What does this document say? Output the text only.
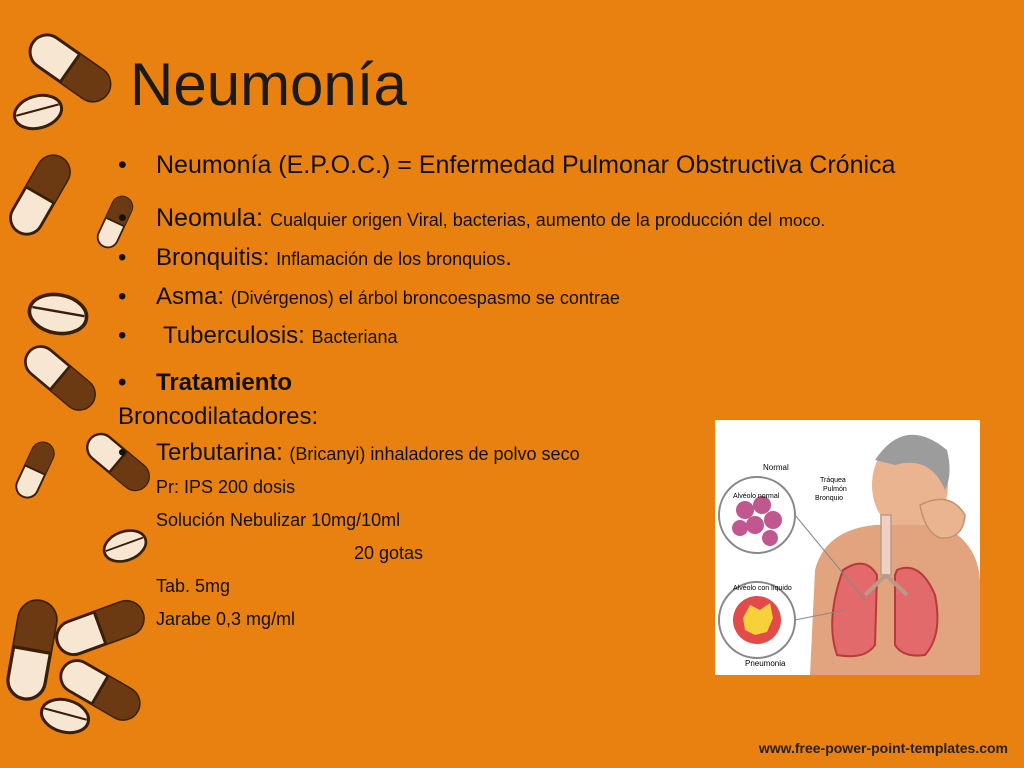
Neumonía

• Neumonía (E.P.O.C.) = Enfermedad Pulmonar Obstructiva Crónica

• Neomula: Cualquier origen Viral, bacterias, aumento de la producción del moco.

• Bronquitis: Inflamación de los bronquios.

• Asma: (Divérgenos) el árbol broncoespasmo se contrae

• Tuberculosis: Bacteriana

• Tratamiento

Broncodilatadores:

• Terbutarina: (Bricanyi) inhaladores de polvo seco

Pr: IPS 200 dosis
Solución Nebulizar 10mg/10ml
20 gotas
Tab. 5mg
Jarabe 0,3 mg/ml
Normal
Alvéolo normal
Alvéolo con líquido
Tráquea
Pulmón
Bronquio
Pneumonia
www.free-power-point-templates.com
